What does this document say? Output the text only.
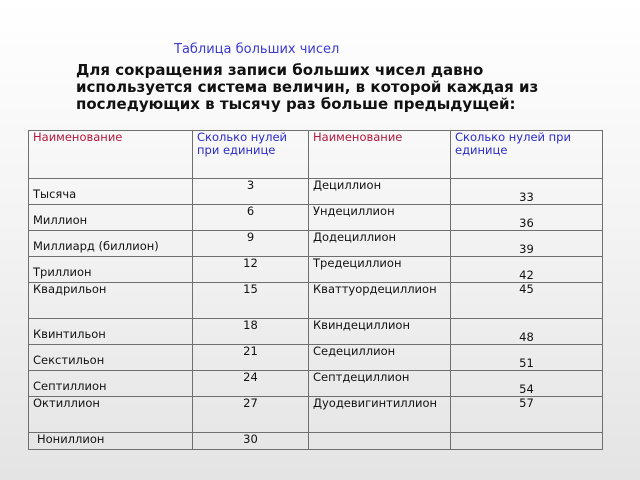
Таблица больших чисел
Для сокращения записи больших чисел давно используется система величин, в которой каждая из последующих в тысячу раз больше предыдущей:
Наименование	Сколько нулей при единице	Наименование	Сколько нулей при единице
Тысяча	3	Дециллион	33
Миллион	6	Ундециллион	36
Миллиард (биллион)	9	Додециллион	39
Триллион	12	Тредециллион	42
Квадрильон	15	Кваттуордециллион	45
Квинтильон	18	Квиндециллион	48
Секстильон	21	Седециллион	51
Септиллион	24	Септдециллион	54
Октиллион	27	Дуодевигинтиллион	57
Нониллион	30		
